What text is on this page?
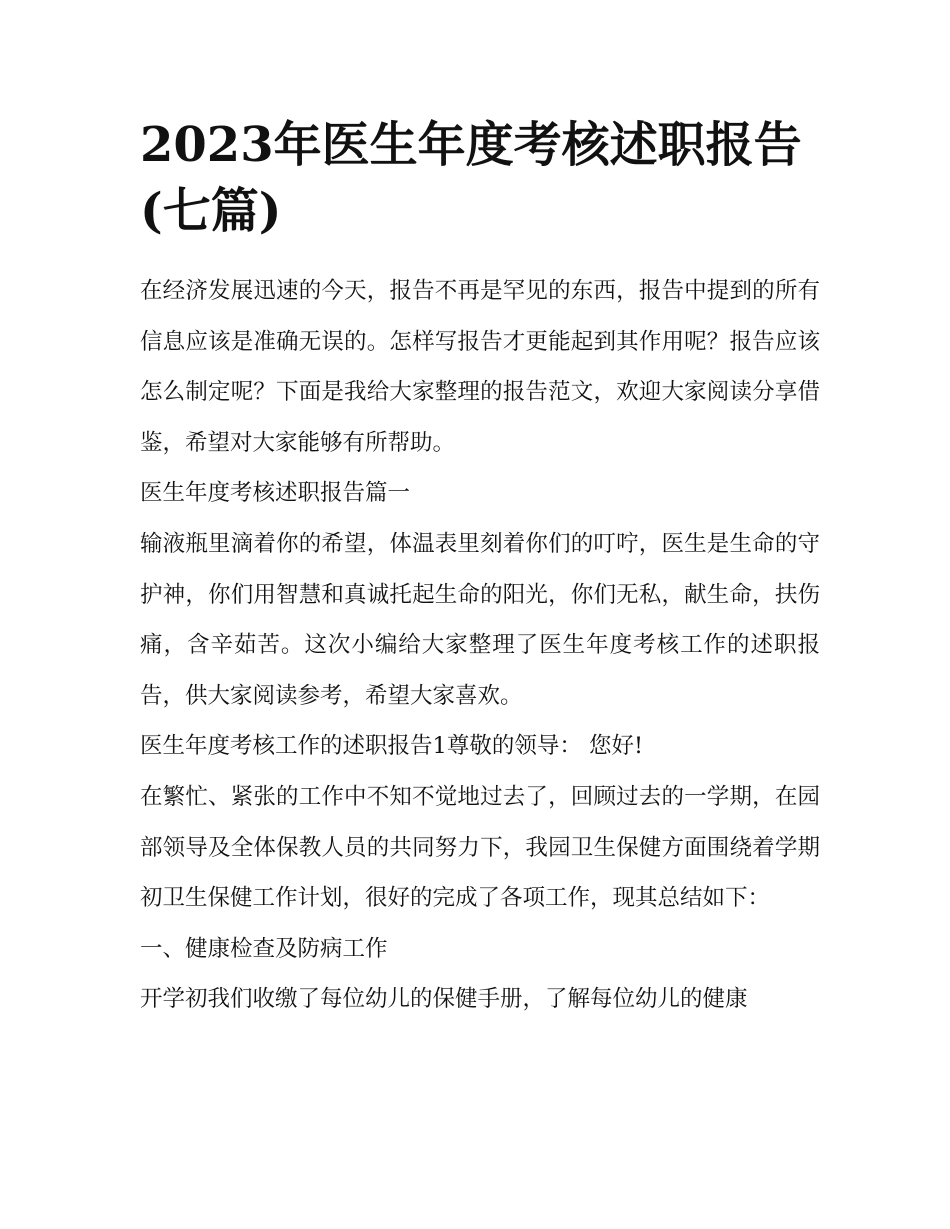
2023年医生年度考核述职报告(七篇)

在经济发展迅速的今天，报告不再是罕见的东西，报告中提到的所有信息应该是准确无误的。怎样写报告才更能起到其作用呢？报告应该怎么制定呢？下面是我给大家整理的报告范文，欢迎大家阅读分享借鉴，希望对大家能够有所帮助。

医生年度考核述职报告篇一

输液瓶里滴着你的希望，体温表里刻着你们的叮咛，医生是生命的守护神，你们用智慧和真诚托起生命的阳光，你们无私，献生命，扶伤痛，含辛茹苦。这次小编给大家整理了医生年度考核工作的述职报告，供大家阅读参考，希望大家喜欢。

医生年度考核工作的述职报告1尊敬的领导： 您好!

在繁忙、紧张的工作中不知不觉地过去了，回顾过去的一学期，在园部领导及全体保教人员的共同努力下，我园卫生保健方面围绕着学期初卫生保健工作计划，很好的完成了各项工作，现其总结如下：

一、健康检查及防病工作

开学初我们收缴了每位幼儿的保健手册，了解每位幼儿的健康
